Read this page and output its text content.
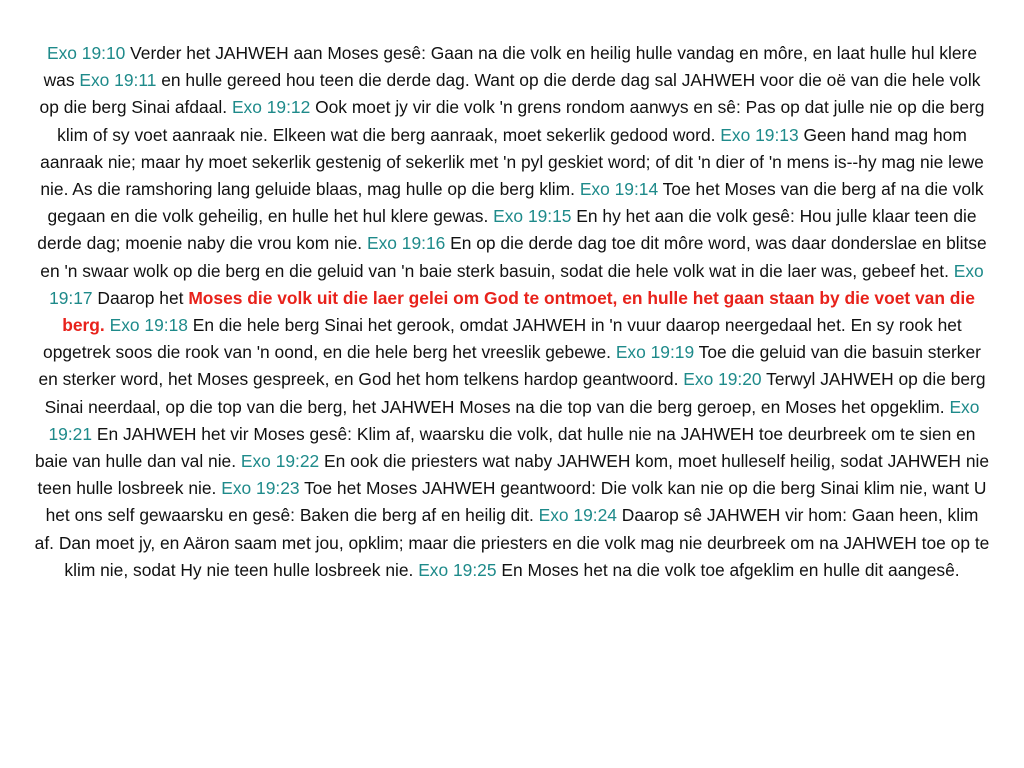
Exo 19:10 Verder het JAHWEH aan Moses gesê: Gaan na die volk en heilig hulle vandag en môre, en laat hulle hul klere was Exo 19:11 en hulle gereed hou teen die derde dag. Want op die derde dag sal JAHWEH voor die oë van die hele volk op die berg Sinai afdaal. Exo 19:12 Ook moet jy vir die volk 'n grens rondom aanwys en sê: Pas op dat julle nie op die berg klim of sy voet aanraak nie. Elkeen wat die berg aanraak, moet sekerlik gedood word. Exo 19:13 Geen hand mag hom aanraak nie; maar hy moet sekerlik gestenig of sekerlik met 'n pyl geskiet word; of dit 'n dier of 'n mens is--hy mag nie lewe nie. As die ramshoring lang geluide blaas, mag hulle op die berg klim. Exo 19:14 Toe het Moses van die berg af na die volk gegaan en die volk geheilig, en hulle het hul klere gewas. Exo 19:15 En hy het aan die volk gesê: Hou julle klaar teen die derde dag; moenie naby die vrou kom nie. Exo 19:16 En op die derde dag toe dit môre word, was daar donderslae en blitse en 'n swaar wolk op die berg en die geluid van 'n baie sterk basuin, sodat die hele volk wat in die laer was, gebeef het. Exo 19:17 Daarop het Moses die volk uit die laer gelei om God te ontmoet, en hulle het gaan staan by die voet van die berg. Exo 19:18 En die hele berg Sinai het gerook, omdat JAHWEH in 'n vuur daarop neergedaal het. En sy rook het opgetrek soos die rook van 'n oond, en die hele berg het vreeslik gebewe. Exo 19:19 Toe die geluid van die basuin sterker en sterker word, het Moses gespreek, en God het hom telkens hardop geantwoord. Exo 19:20 Terwyl JAHWEH op die berg Sinai neerdaal, op die top van die berg, het JAHWEH Moses na die top van die berg geroep, en Moses het opgeklim. Exo 19:21 En JAHWEH het vir Moses gesê: Klim af, waarsku die volk, dat hulle nie na JAHWEH toe deurbreek om te sien en baie van hulle dan val nie. Exo 19:22 En ook die priesters wat naby JAHWEH kom, moet hulleself heilig, sodat JAHWEH nie teen hulle losbreek nie. Exo 19:23 Toe het Moses JAHWEH geantwoord: Die volk kan nie op die berg Sinai klim nie, want U het ons self gewaarsku en gesê: Baken die berg af en heilig dit. Exo 19:24 Daarop sê JAHWEH vir hom: Gaan heen, klim af. Dan moet jy, en Aäron saam met jou, opklim; maar die priesters en die volk mag nie deurbreek om na JAHWEH toe op te klim nie, sodat Hy nie teen hulle losbreek nie. Exo 19:25 En Moses het na die volk toe afgeklim en hulle dit aangesê.
